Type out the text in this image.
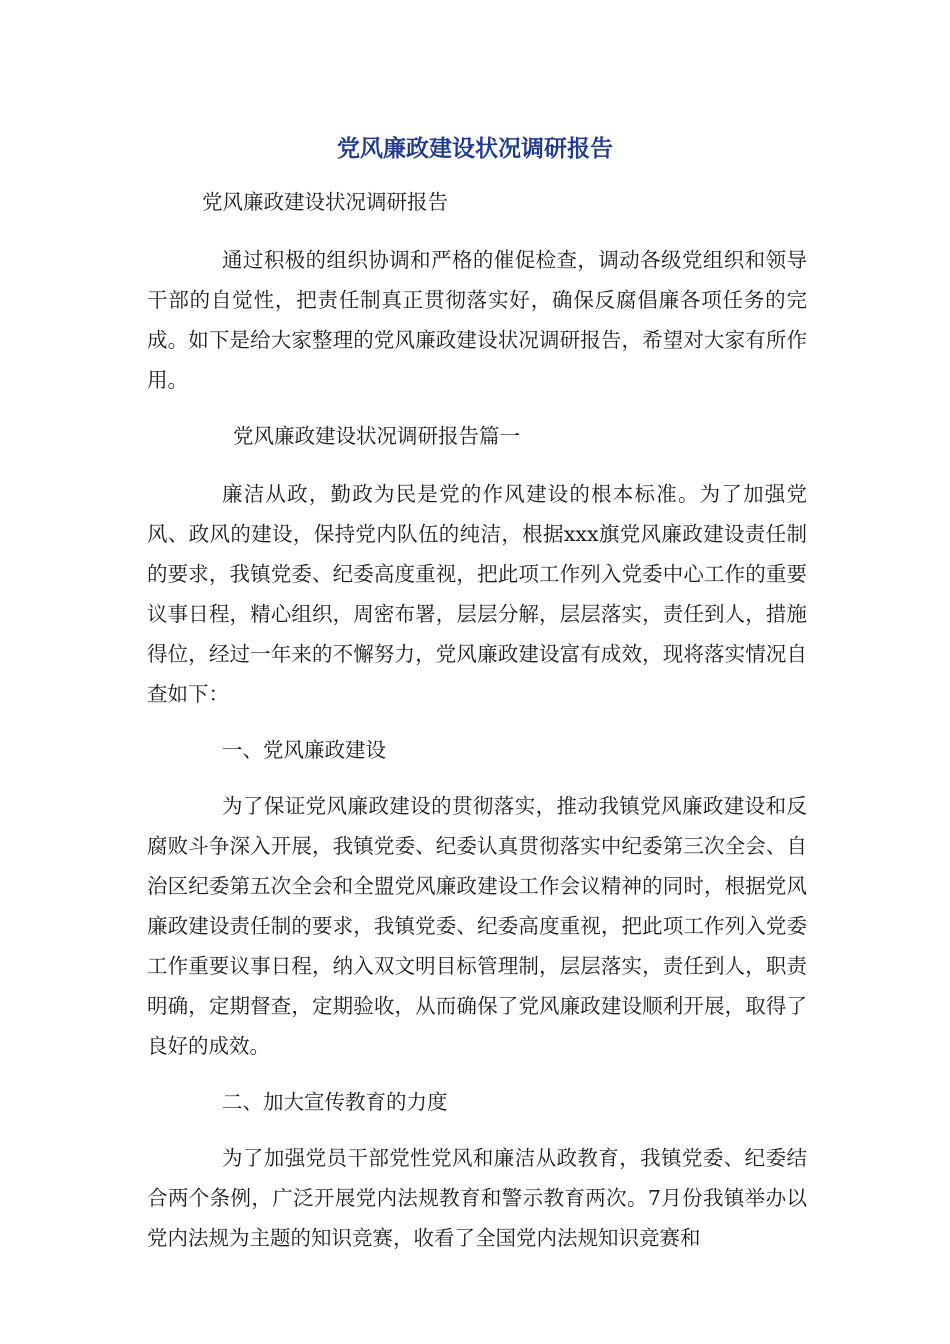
党风廉政建设状况调研报告

党风廉政建设状况调研报告

通过积极的组织协调和严格的催促检查，调动各级党组织和领导干部的自觉性，把责任制真正贯彻落实好，确保反腐倡廉各项任务的完成。如下是给大家整理的党风廉政建设状况调研报告，希望对大家有所作用。

党风廉政建设状况调研报告篇一

廉洁从政，勤政为民是党的作风建设的根本标准。为了加强党风、政风的建设，保持党内队伍的纯洁，根据xxx旗党风廉政建设责任制的要求，我镇党委、纪委高度重视，把此项工作列入党委中心工作的重要议事日程，精心组织，周密布署，层层分解，层层落实，责任到人，措施得位，经过一年来的不懈努力，党风廉政建设富有成效，现将落实情况自查如下：

一、党风廉政建设

为了保证党风廉政建设的贯彻落实，推动我镇党风廉政建设和反腐败斗争深入开展，我镇党委、纪委认真贯彻落实中纪委第三次全会、自治区纪委第五次全会和全盟党风廉政建设工作会议精神的同时，根据党风廉政建设责任制的要求，我镇党委、纪委高度重视，把此项工作列入党委工作重要议事日程，纳入双文明目标管理制，层层落实，责任到人，职责明确，定期督查，定期验收，从而确保了党风廉政建设顺利开展，取得了良好的成效。

二、加大宣传教育的力度

为了加强党员干部党性党风和廉洁从政教育，我镇党委、纪委结合两个条例，广泛开展党内法规教育和警示教育两次。7月份我镇举办以党内法规为主题的知识竞赛，收看了全国党内法规知识竞赛和
